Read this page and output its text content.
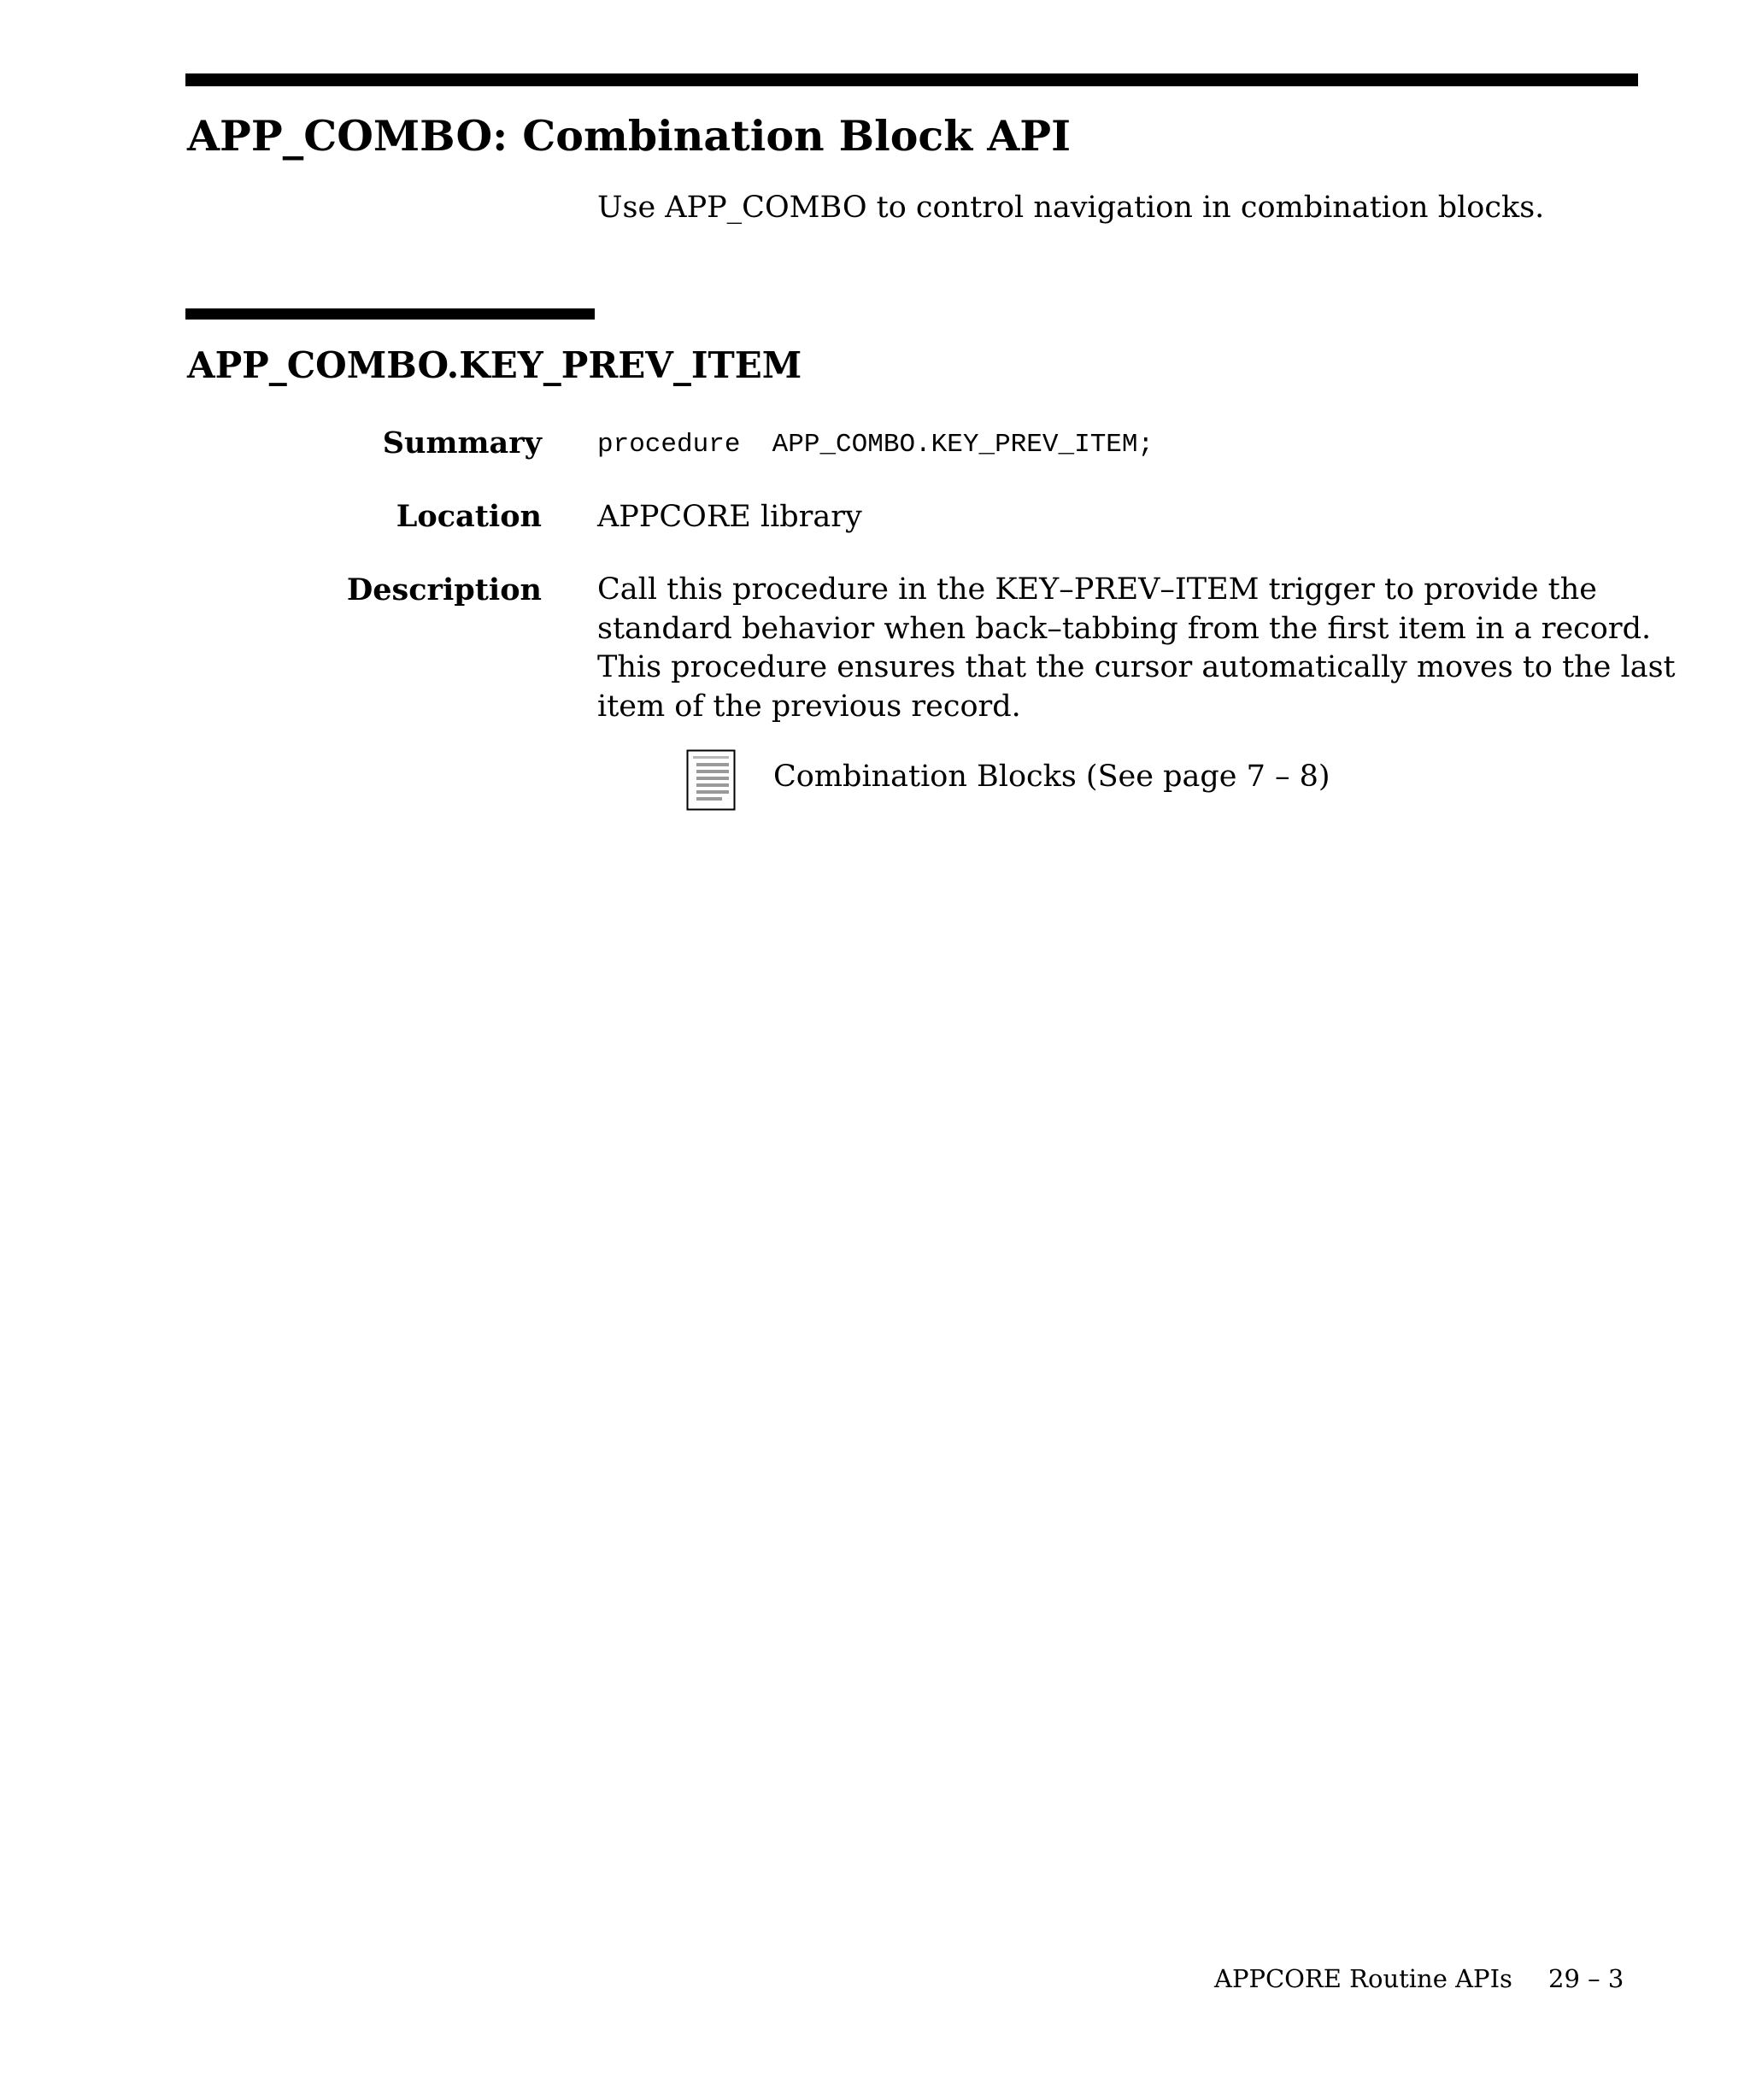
APP_COMBO: Combination Block API

Use APP_COMBO to control navigation in combination blocks.

APP_COMBO.KEY_PREV_ITEM
Summary procedure  APP_COMBO.KEY_PREV_ITEM;
Location APPCORE library
Description Call this procedure in the KEY–PREV–ITEM trigger to provide the
standard behavior when back–tabbing from the first item in a record.
This procedure ensures that the cursor automatically moves to the last
item of the previous record.

Combination Blocks (See page 7 – 8)
APPCORE Routine APIs 29 – 3
